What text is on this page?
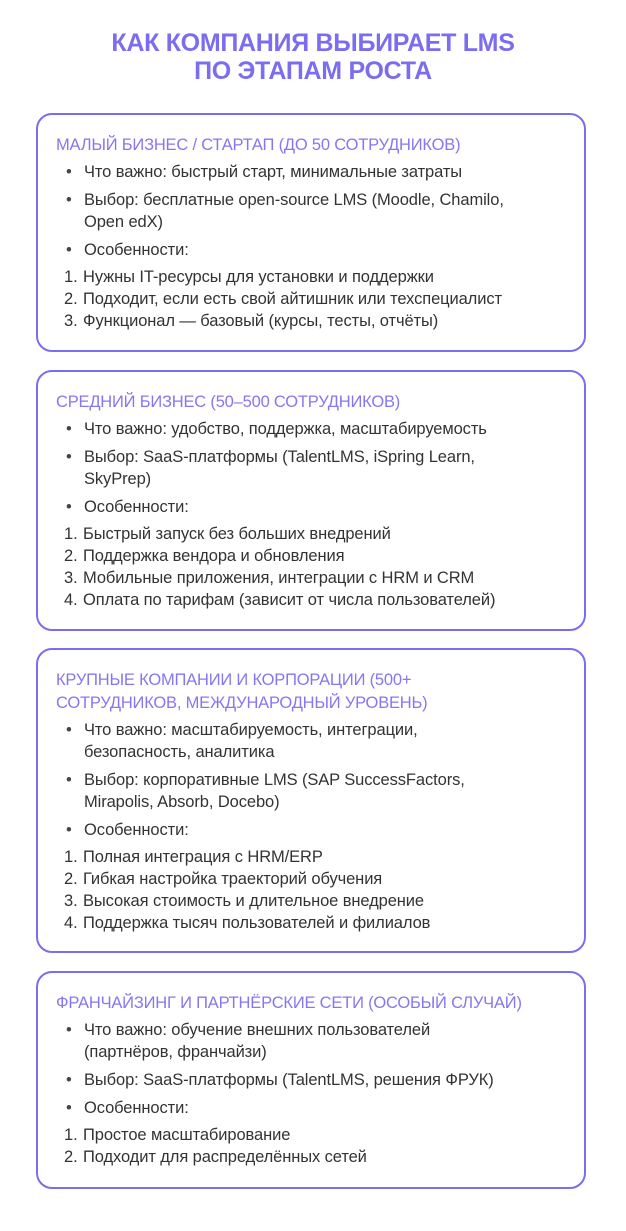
КАК КОМПАНИЯ ВЫБИРАЕТ LMS
ПО ЭТАПАМ РОСТА
МАЛЫЙ БИЗНЕС / СТАРТАП (ДО 50 СОТРУДНИКОВ)
• Что важно: быстрый старт, минимальные затраты
• Выбор: бесплатные open-source LMS (Moodle, Chamilo,
Open edX)
• Особенности:
1. Нужны IT-ресурсы для установки и поддержки
2. Подходит, если есть свой айтишник или техспециалист
3. Функционал — базовый (курсы, тесты, отчёты)
СРЕДНИЙ БИЗНЕС (50–500 СОТРУДНИКОВ)
• Что важно: удобство, поддержка, масштабируемость
• Выбор: SaaS-платформы (TalentLMS, iSpring Learn,
SkyPrep)
• Особенности:
1. Быстрый запуск без больших внедрений
2. Поддержка вендора и обновления
3. Мобильные приложения, интеграции с HRM и CRM
4. Оплата по тарифам (зависит от числа пользователей)
КРУПНЫЕ КОМПАНИИ И КОРПОРАЦИИ (500+
СОТРУДНИКОВ, МЕЖДУНАРОДНЫЙ УРОВЕНЬ)
• Что важно: масштабируемость, интеграции,
безопасность, аналитика
• Выбор: корпоративные LMS (SAP SuccessFactors,
Mirapolis, Absorb, Docebo)
• Особенности:
1. Полная интеграция с HRM/ERP
2. Гибкая настройка траекторий обучения
3. Высокая стоимость и длительное внедрение
4. Поддержка тысяч пользователей и филиалов
ФРАНЧАЙЗИНГ И ПАРТНЁРСКИЕ СЕТИ (ОСОБЫЙ СЛУЧАЙ)
• Что важно: обучение внешних пользователей
(партнёров, франчайзи)
• Выбор: SaaS-платформы (TalentLMS, решения ФРУК)
• Особенности:
1. Простое масштабирование
2. Подходит для распределённых сетей
